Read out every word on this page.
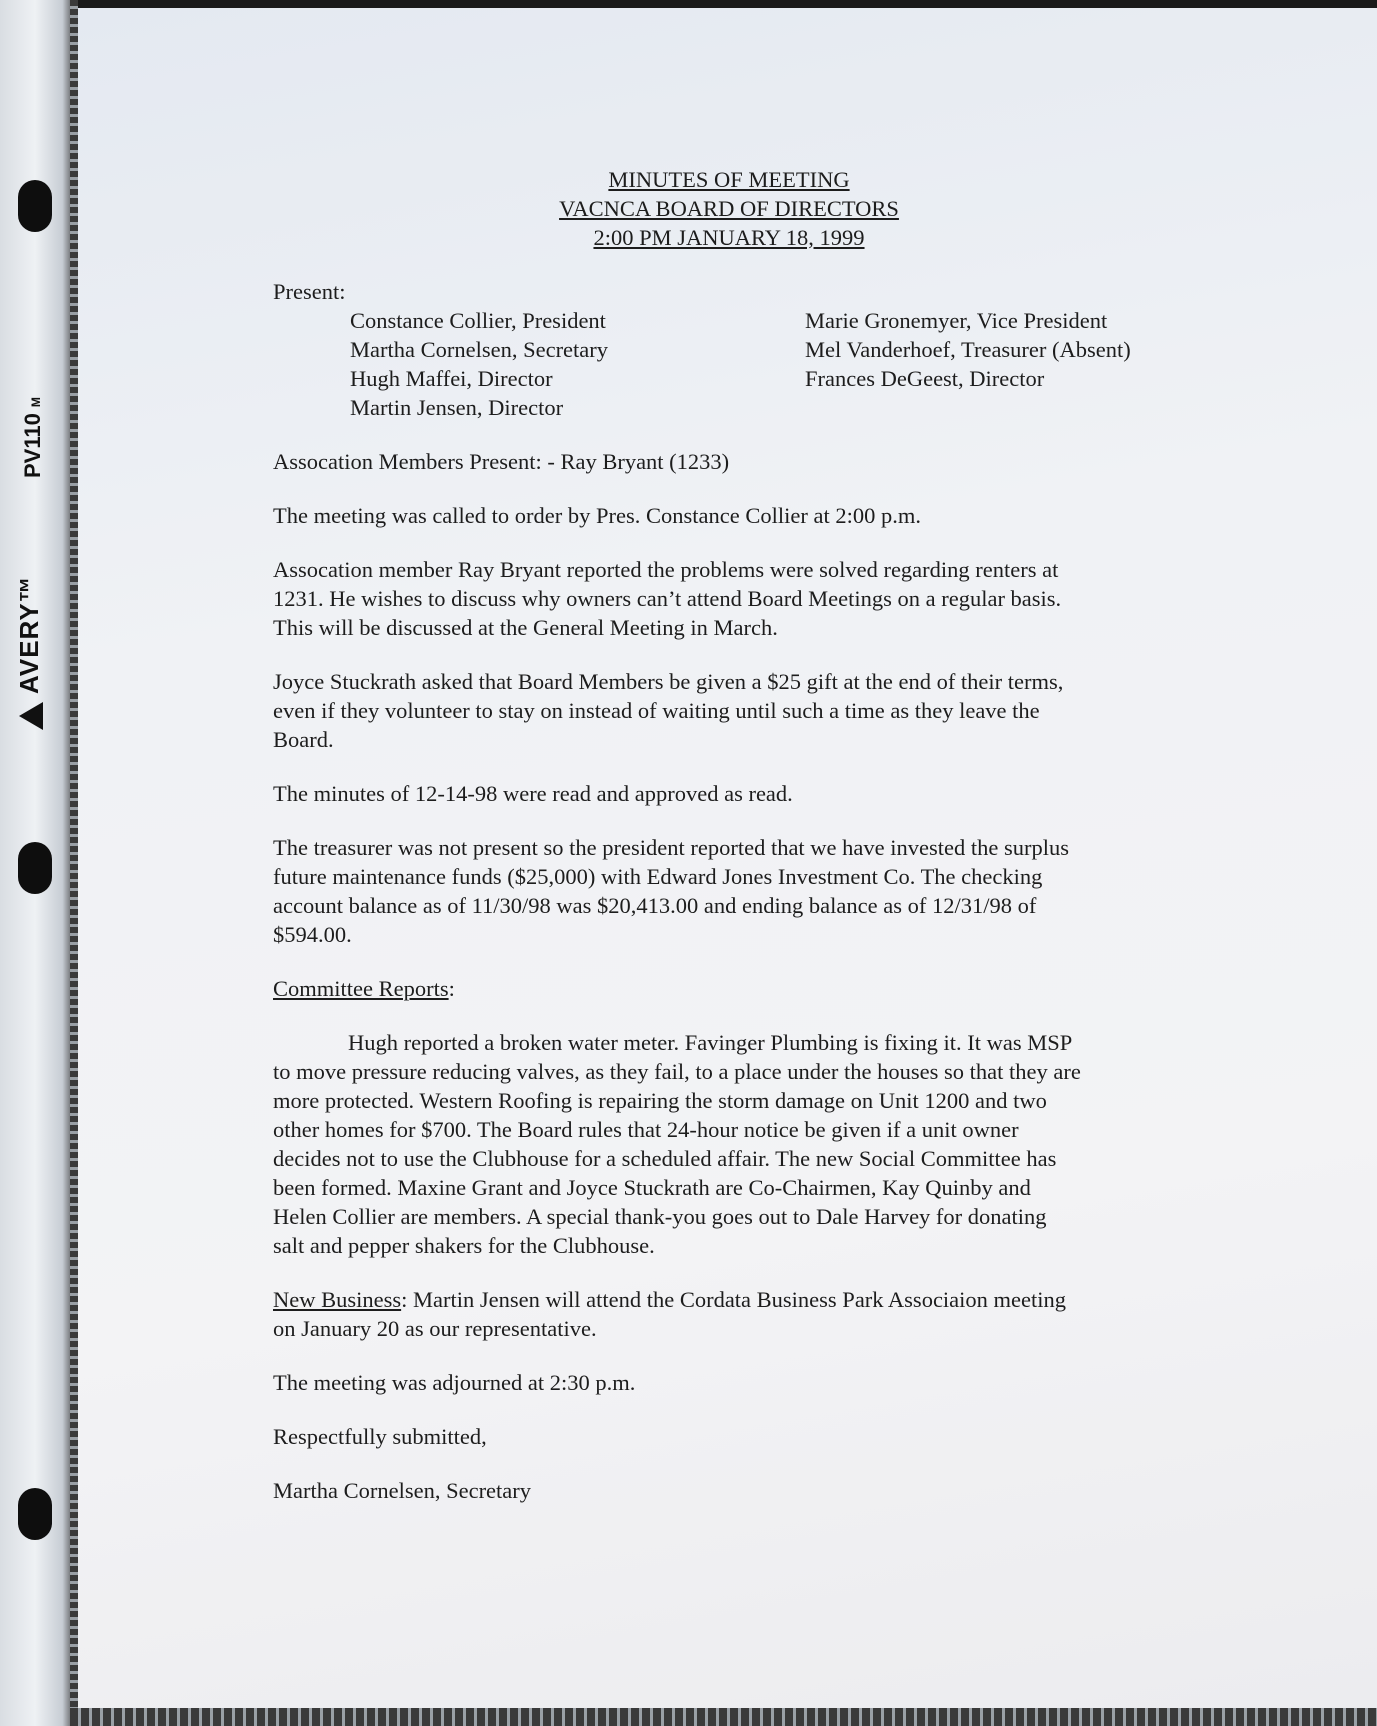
PV110M
AVERY™
MINUTES OF MEETING
VACNCA BOARD OF DIRECTORS
2:00 PM JANUARY 18, 1999

Present:

Constance Collier, President
Martha Cornelsen, Secretary
Hugh Maffei, Director
Martin Jensen, Director
Marie Gronemyer, Vice President
Mel Vanderhoef, Treasurer (Absent)
Frances DeGeest, Director

Assocation Members Present: - Ray Bryant (1233)

The meeting was called to order by Pres. Constance Collier at 2:00 p.m.

Assocation member Ray Bryant reported the problems were solved regarding renters at
1231. He wishes to discuss why owners can’t attend Board Meetings on a regular basis.
This will be discussed at the General Meeting in March.
Joyce Stuckrath asked that Board Members be given a $25 gift at the end of their terms,
even if they volunteer to stay on instead of waiting until such a time as they leave the
Board.

The minutes of 12-14-98 were read and approved as read.

The treasurer was not present so the president reported that we have invested the surplus
future maintenance funds ($25,000) with Edward Jones Investment Co. The checking
account balance as of 11/30/98 was $20,413.00 and ending balance as of 12/31/98 of
$594.00.

Committee Reports:

Hugh reported a broken water meter. Favinger Plumbing is fixing it. It was MSP
to move pressure reducing valves, as they fail, to a place under the houses so that they are
more protected. Western Roofing is repairing the storm damage on Unit 1200 and two
other homes for $700. The Board rules that 24-hour notice be given if a unit owner
decides not to use the Clubhouse for a scheduled affair. The new Social Committee has
been formed. Maxine Grant and Joyce Stuckrath are Co-Chairmen, Kay Quinby and
Helen Collier are members. A special thank-you goes out to Dale Harvey for donating
salt and pepper shakers for the Clubhouse.
New Business: Martin Jensen will attend the Cordata Business Park Associaion meeting
on January 20 as our representative.

The meeting was adjourned at 2:30 p.m.

Respectfully submitted,

Martha Cornelsen, Secretary
